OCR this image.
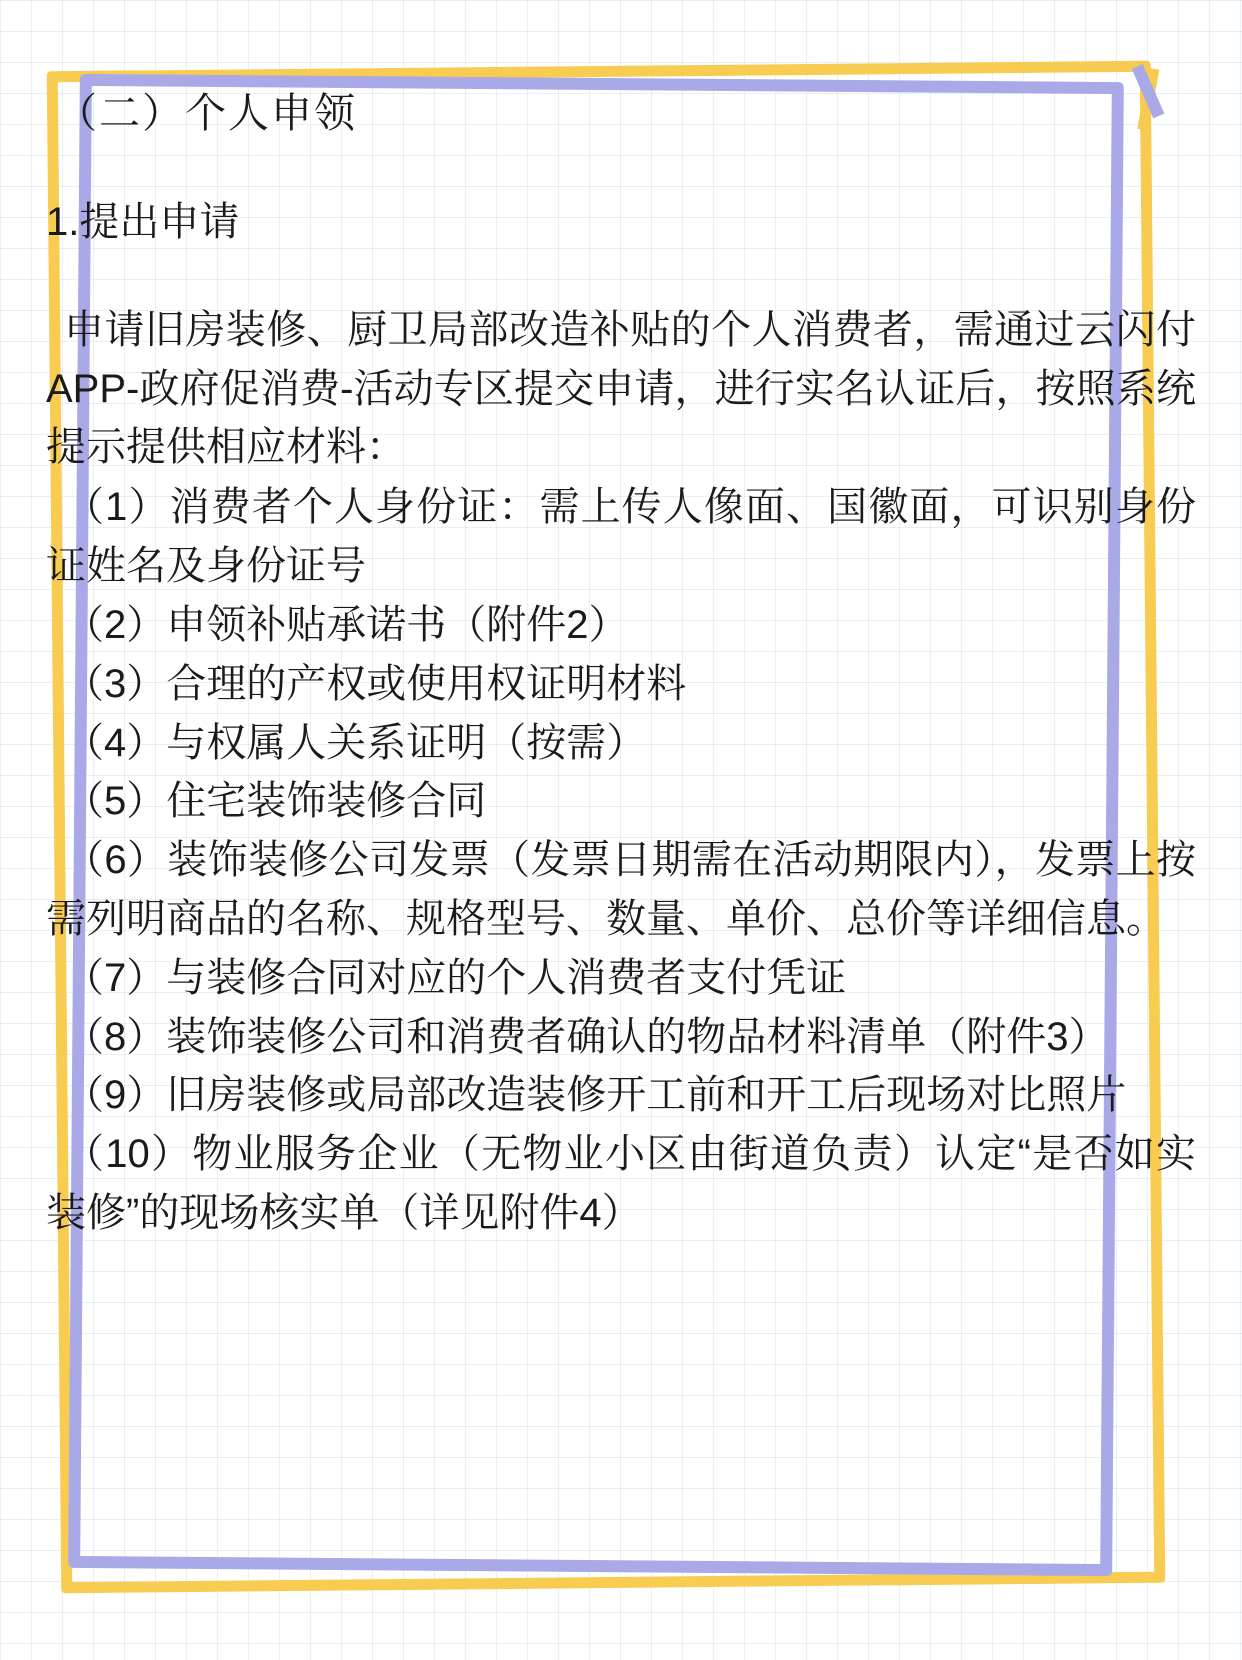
（二）个人申领
1.提出申请

申请旧房装修、厨卫局部改造补贴的个人消费者，需通过云闪付APP-政府促消费-活动专区提交申请，进行实名认证后，按照系统提示提供相应材料：

（1）消费者个人身份证：需上传人像面、国徽面，可识别身份证姓名及身份证号
（2）申领补贴承诺书（附件2）
（3）合理的产权或使用权证明材料
（4）与权属人关系证明（按需）
（5）住宅装饰装修合同
（6）装饰装修公司发票（发票日期需在活动期限内），发票上按需列明商品的名称、规格型号、数量、单价、总价等详细信息。
（7）与装修合同对应的个人消费者支付凭证
（8）装饰装修公司和消费者确认的物品材料清单（附件3）
（9）旧房装修或局部改造装修开工前和开工后现场对比照片
（10）物业服务企业（无物业小区由街道负责）认定“是否如实装修”的现场核实单（详见附件4）
